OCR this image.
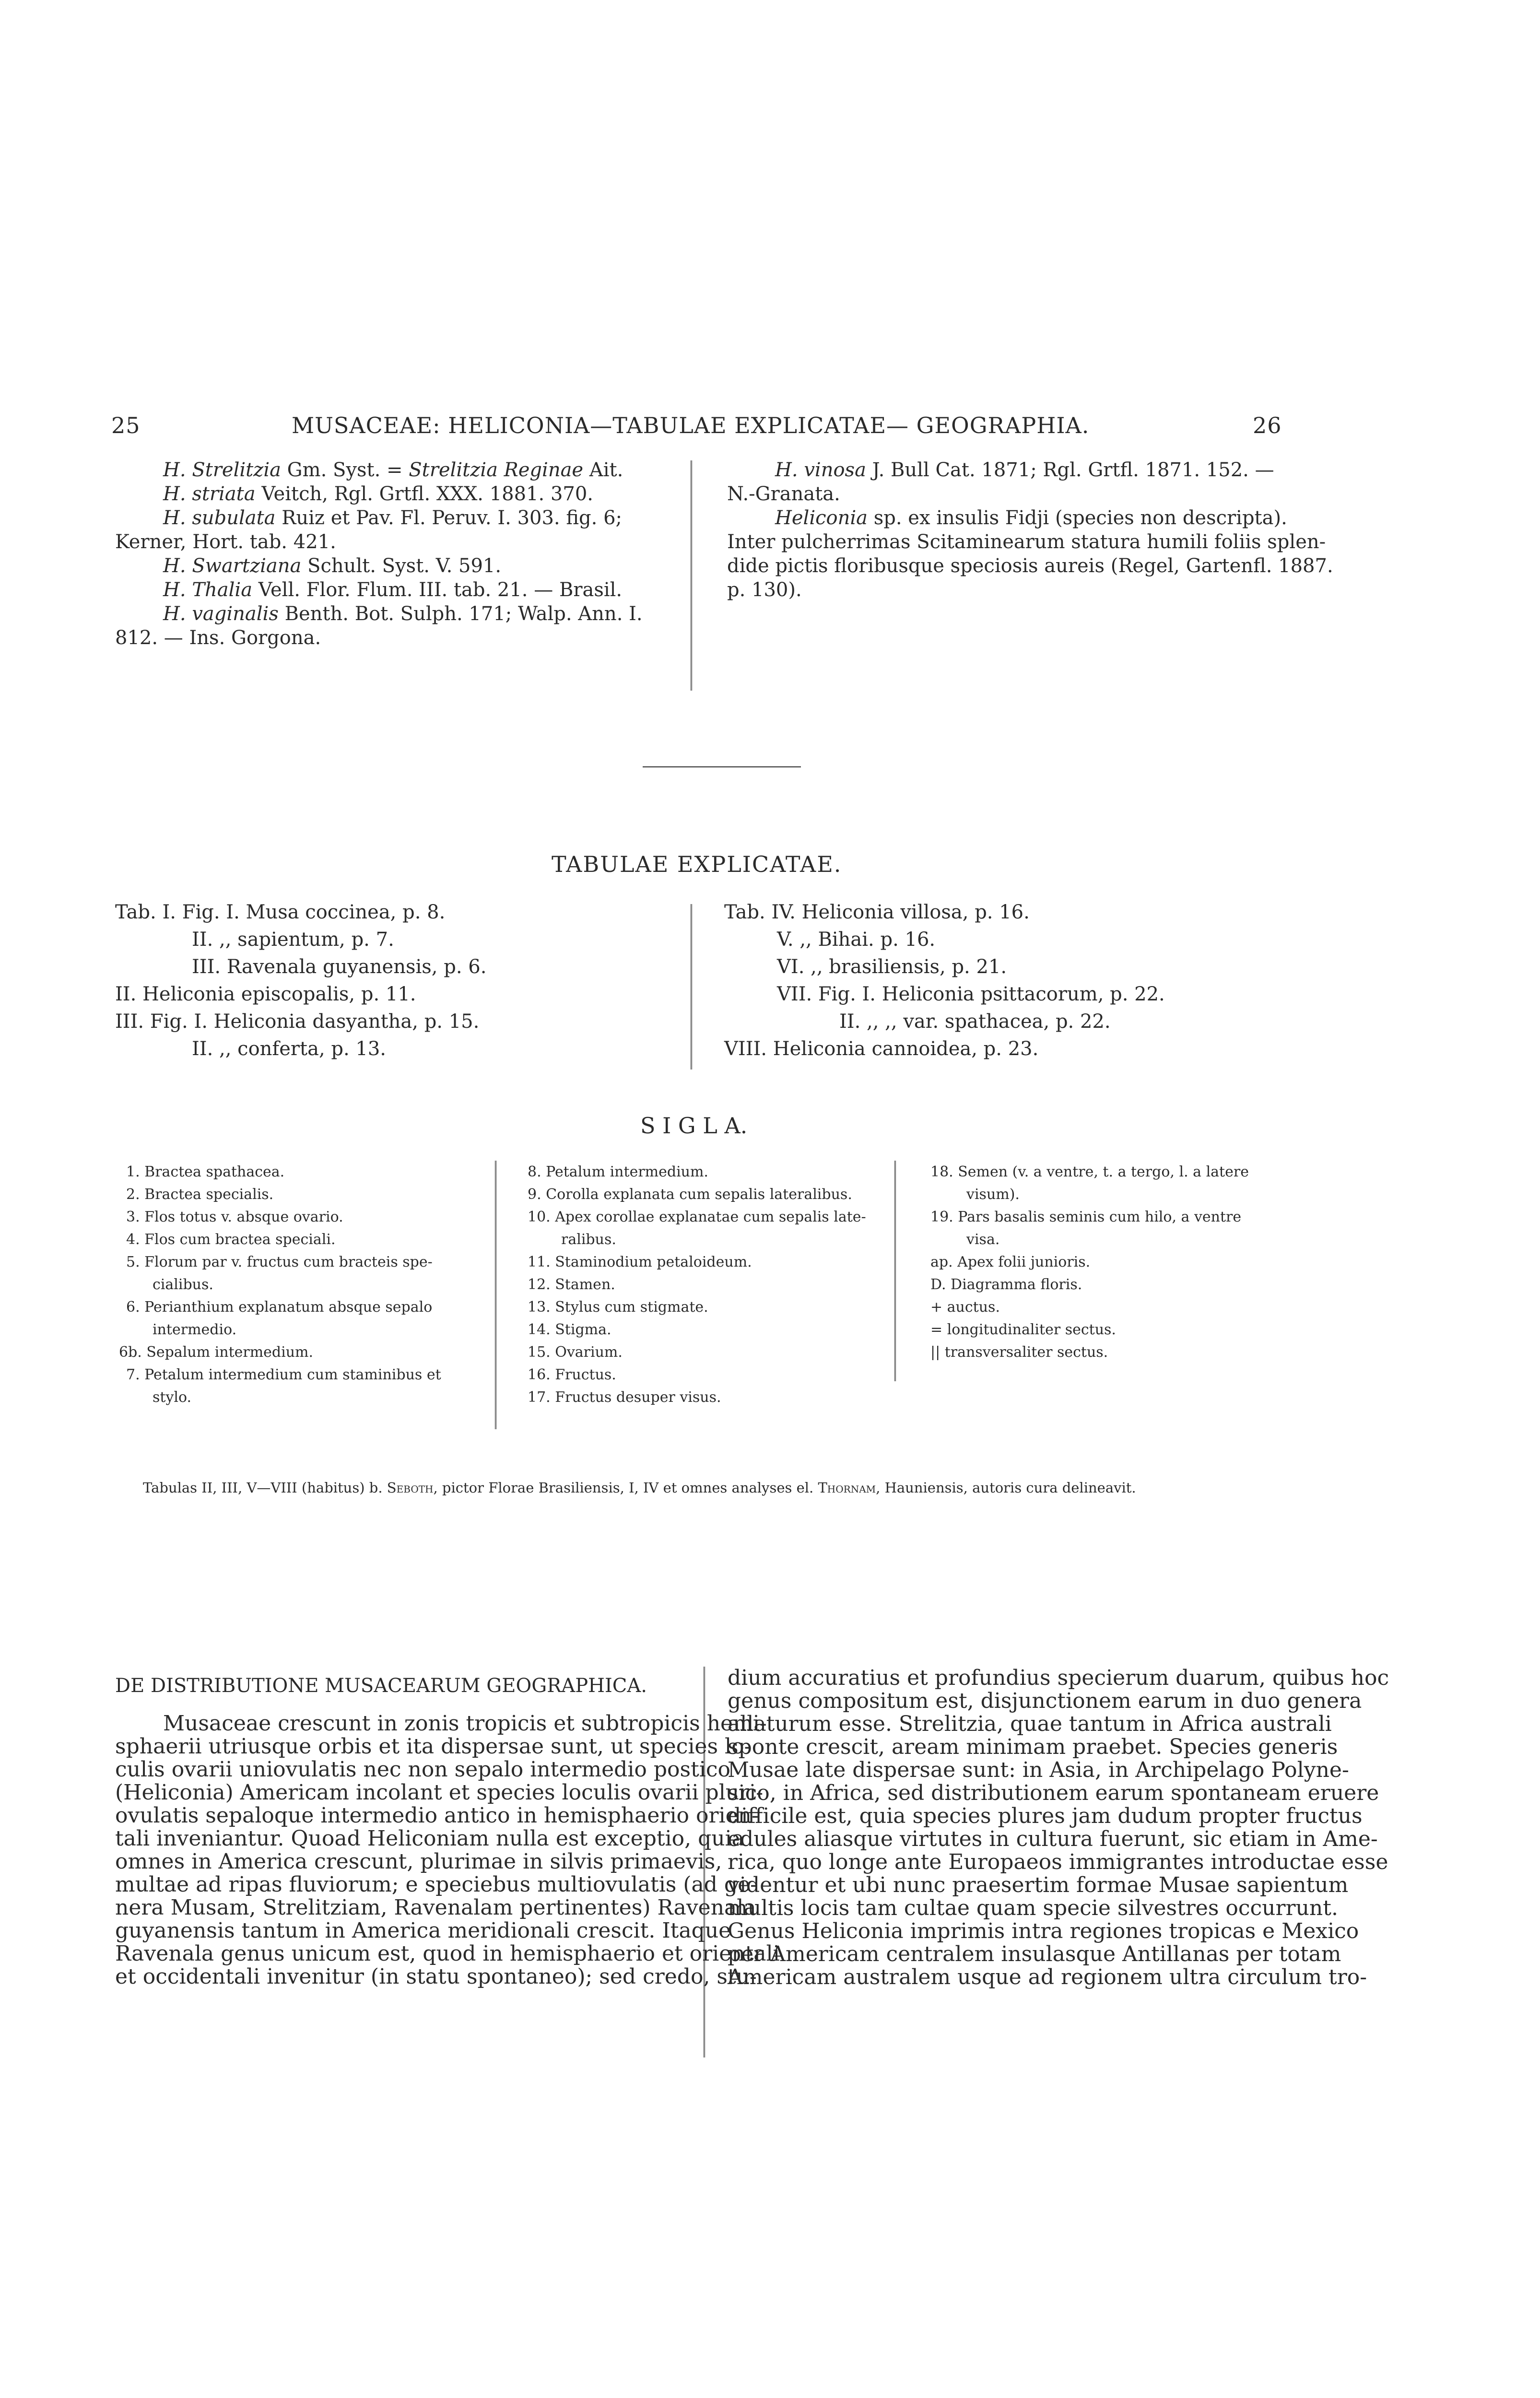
25	MUSACEAE: HELICONIA—TABULAE EXPLICATAE— GEOGRAPHIA.	26
H. Strelitzia Gm. Syst. = Strelitzia Reginae Ait.
H. striata Veitch, Rgl. Grtfl. XXX. 1881. 370.
H. subulata Ruiz et Pav. Fl. Peruv. I. 303. fig. 6;
Kerner, Hort. tab. 421.
H. Swartziana Schult. Syst. V. 591.
H. Thalia Vell. Flor. Flum. III. tab. 21. — Brasil.
H. vaginalis Benth. Bot. Sulph. 171; Walp. Ann. I.
812. — Ins. Gorgona.
H. vinosa J. Bull Cat. 1871; Rgl. Grtfl. 1871. 152. —
N.-Granata.
Heliconia sp. ex insulis Fidji (species non descripta).
Inter pulcherrimas Scitaminearum statura humili foliis splen-
dide pictis floribusque speciosis aureis (Regel, Gartenfl. 1887.
p. 130).
TABULAE EXPLICATAE.
Tab. I. Fig. I. Musa coccinea, p. 8.
II. ,, sapientum, p. 7.
III. Ravenala guyanensis, p. 6.
II. Heliconia episcopalis, p. 11.
III. Fig. I. Heliconia dasyantha, p. 15.
II. ,, conferta, p. 13.
Tab. IV. Heliconia villosa, p. 16.
V. ,, Bihai. p. 16.
VI. ,, brasiliensis, p. 21.
VII. Fig. I. Heliconia psittacorum, p. 22.
II. ,, ,, var. spathacea, p. 22.
VIII. Heliconia cannoidea, p. 23.
S I G L A.
1. Bractea spathacea.
2. Bractea specialis.
3. Flos totus v. absque ovario.
4. Flos cum bractea speciali.
5. Florum par v. fructus cum bracteis spe-
cialibus.
6. Perianthium explanatum absque sepalo
intermedio.
6b. Sepalum intermedium.
7. Petalum intermedium cum staminibus et
stylo.
8. Petalum intermedium.
9. Corolla explanata cum sepalis lateralibus.
10. Apex corollae explanatae cum sepalis late-
ralibus.
11. Staminodium petaloideum.
12. Stamen.
13. Stylus cum stigmate.
14. Stigma.
15. Ovarium.
16. Fructus.
17. Fructus desuper visus.
18. Semen (v. a ventre, t. a tergo, l. a latere
visum).
19. Pars basalis seminis cum hilo, a ventre
visa.
ap. Apex folii junioris.
D. Diagramma floris.
+ auctus.
= longitudinaliter sectus.
|| transversaliter sectus.
Tabulas II, III, V—VIII (habitus) b. Seboth, pictor Florae Brasiliensis, I, IV et omnes analyses el. Thornam, Hauniensis, autoris cura delineavit.
DE DISTRIBUTIONE MUSACEARUM GEOGRAPHICA.
Musaceae crescunt in zonis tropicis et subtropicis hemi-
sphaerii utriusque orbis et ita dispersae sunt, ut species lo-
culis ovarii uniovulatis nec non sepalo intermedio postico
(Heliconia) Americam incolant et species loculis ovarii pluri-
ovulatis sepaloque intermedio antico in hemisphaerio orien-
tali inveniantur. Quoad Heliconiam nulla est exceptio, quia
omnes in America crescunt, plurimae in silvis primaevis,
multae ad ripas fluviorum; e speciebus multiovulatis (ad ge-
nera Musam, Strelitziam, Ravenalam pertinentes) Ravenala
guyanensis tantum in America meridionali crescit. Itaque
Ravenala genus unicum est, quod in hemisphaerio et orientali
et occidentali invenitur (in statu spontaneo); sed credo, stu-
dium accuratius et profundius specierum duarum, quibus hoc
genus compositum est, disjunctionem earum in duo genera
allaturum esse. Strelitzia, quae tantum in Africa australi
sponte crescit, aream minimam praebet. Species generis
Musae late dispersae sunt: in Asia, in Archipelago Polyne-
sico, in Africa, sed distributionem earum spontaneam eruere
difficile est, quia species plures jam dudum propter fructus
edules aliasque virtutes in cultura fuerunt, sic etiam in Ame-
rica, quo longe ante Europaeos immigrantes introductae esse
videntur et ubi nunc praesertim formae Musae sapientum
multis locis tam cultae quam specie silvestres occurrunt.
Genus Heliconia imprimis intra regiones tropicas e Mexico
per Americam centralem insulasque Antillanas per totam
Americam australem usque ad regionem ultra circulum tro-
